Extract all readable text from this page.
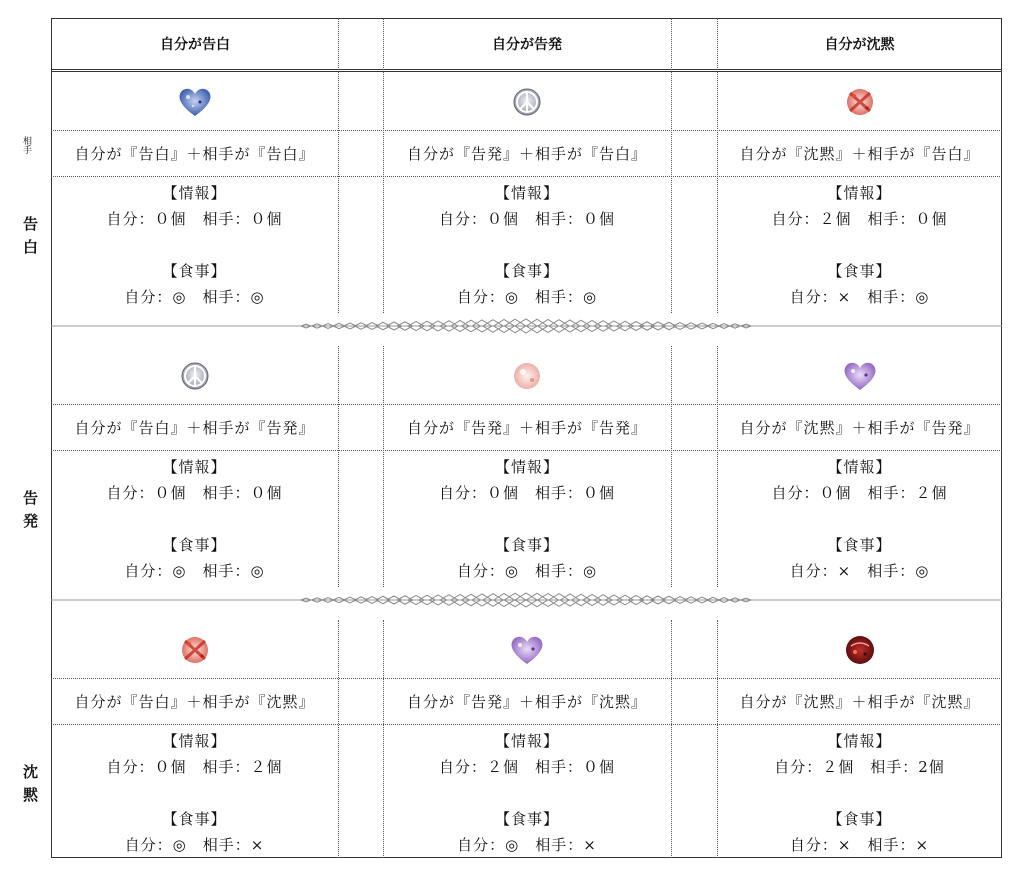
自分が告白	自分が告発	自分が沈黙
相手
告白
告発
沈黙
自分が『告白』＋相手が『告白』
【情報】
自分：０個　相手：０個
【食事】
自分：◎　相手：◎
自分が『告発』＋相手が『告白』
【情報】
自分：０個　相手：０個
【食事】
自分：◎　相手：◎
自分が『沈黙』＋相手が『告白』
【情報】
自分：２個　相手：０個
【食事】
自分：×　相手：◎
自分が『告白』＋相手が『告発』
【情報】
自分：０個　相手：０個
【食事】
自分：◎　相手：◎
自分が『告発』＋相手が『告発』
【情報】
自分：０個　相手：０個
【食事】
自分：◎　相手：◎
自分が『沈黙』＋相手が『告発』
【情報】
自分：０個　相手：２個
【食事】
自分：×　相手：◎
自分が『告白』＋相手が『沈黙』
【情報】
自分：０個　相手：２個
【食事】
自分：◎　相手：×
自分が『告発』＋相手が『沈黙』
【情報】
自分：２個　相手：０個
【食事】
自分：◎　相手：×
自分が『沈黙』＋相手が『沈黙』
【情報】
自分：２個　相手：2個
【食事】
自分：×　相手：×
